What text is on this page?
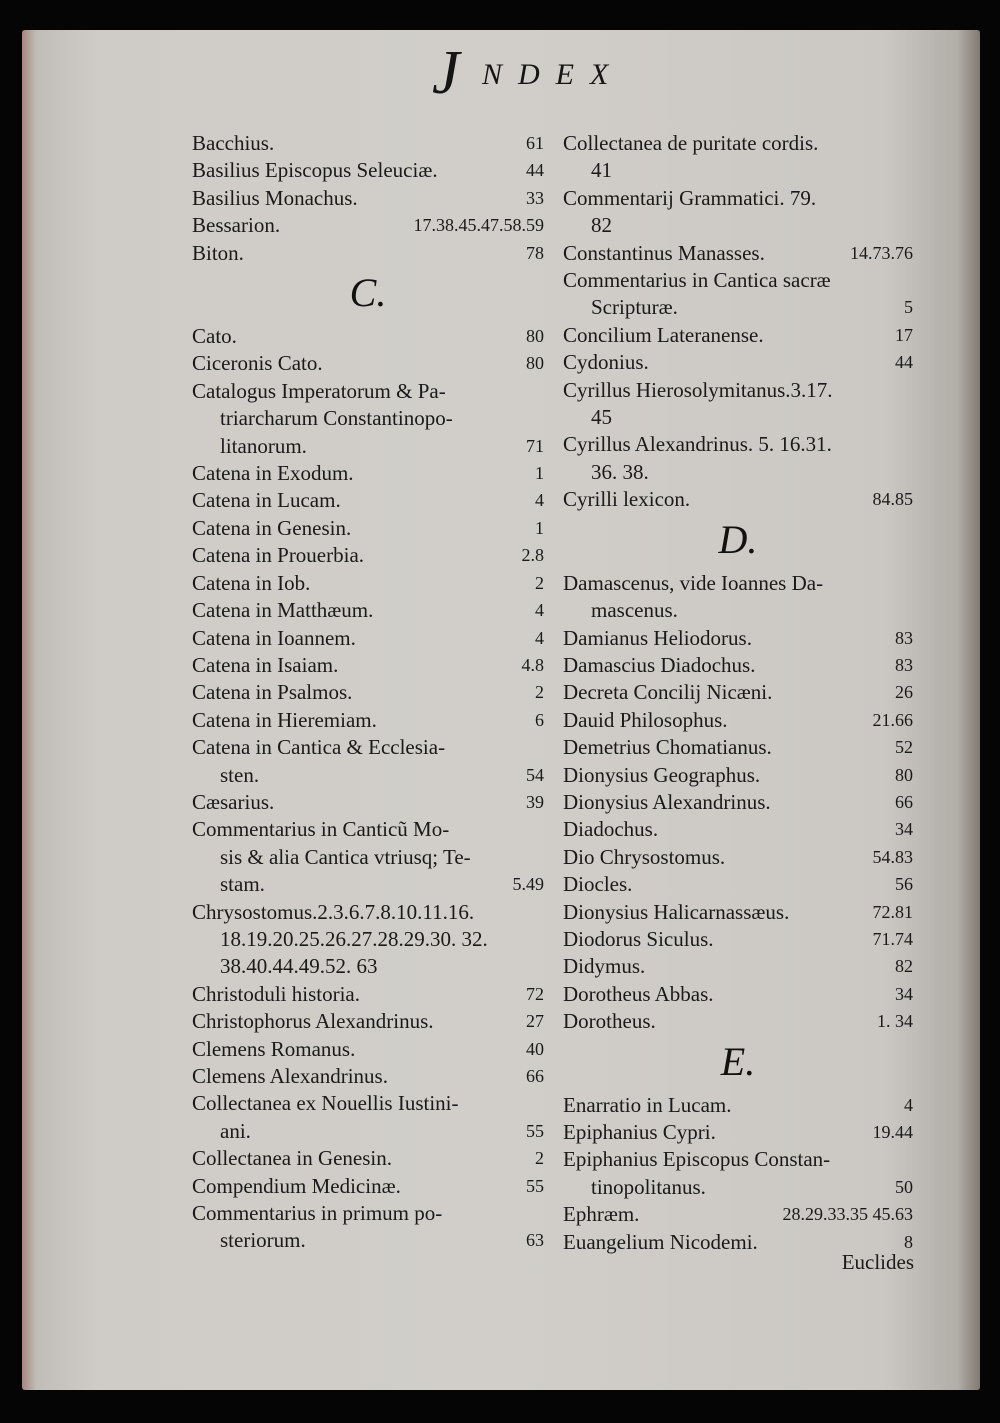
J NDEX
Bacchius.	61
Basilius Episcopus Seleuciæ.	44
Basilius Monachus.	33
Bessarion.	17.38.45.47.58.59
Biton.	78
C.
Cato.	80
Ciceronis Cato.	80
Catalogus Imperatorum & Pa-
triarcharum Constantinopo-
litanorum.	71
Catena in Exodum.	1
Catena in Lucam.	4
Catena in Genesin.	1
Catena in Prouerbia.	2.8
Catena in Iob.	2
Catena in Matthæum.	4
Catena in Ioannem.	4
Catena in Isaiam.	4.8
Catena in Psalmos.	2
Catena in Hieremiam.	6
Catena in Cantica & Ecclesia-
sten.	54
Cæsarius.	39
Commentarius in Canticũ Mo-
sis & alia Cantica vtriusq; Te-
stam.	5.49
Chrysostomus.2.3.6.7.8.10.11.16.
18.19.20.25.26.27.28.29.30. 32.
38.40.44.49.52. 63
Christoduli historia.	72
Christophorus Alexandrinus.	27
Clemens Romanus.	40
Clemens Alexandrinus.	66
Collectanea ex Nouellis Iustini-
ani.	55
Collectanea in Genesin.	2
Compendium Medicinæ.	55
Commentarius in primum po-
steriorum.	63
Collectanea de puritate cordis.
41
Commentarij Grammatici. 79.
82
Constantinus Manasses.	14.73.76
Commentarius in Cantica sacræ
Scripturæ.	5
Concilium Lateranense.	17
Cydonius.	44
Cyrillus Hierosolymitanus.3.17.
45
Cyrillus Alexandrinus. 5. 16.31.
36. 38.
Cyrilli lexicon.	84.85
D.
Damascenus, vide Ioannes Da-
mascenus.
Damianus Heliodorus.	83
Damascius Diadochus.	83
Decreta Concilij Nicæni.	26
Dauid Philosophus.	21.66
Demetrius Chomatianus.	52
Dionysius Geographus.	80
Dionysius Alexandrinus.	66
Diadochus.	34
Dio Chrysostomus.	54.83
Diocles.	56
Dionysius Halicarnassæus.	72.81
Diodorus Siculus.	71.74
Didymus.	82
Dorotheus Abbas.	34
Dorotheus.	1. 34
E.
Enarratio in Lucam.	4
Epiphanius Cypri.	19.44
Epiphanius Episcopus Constan-
tinopolitanus.	50
Ephræm.	28.29.33.35 45.63
Euangelium Nicodemi.	8
Euclides
